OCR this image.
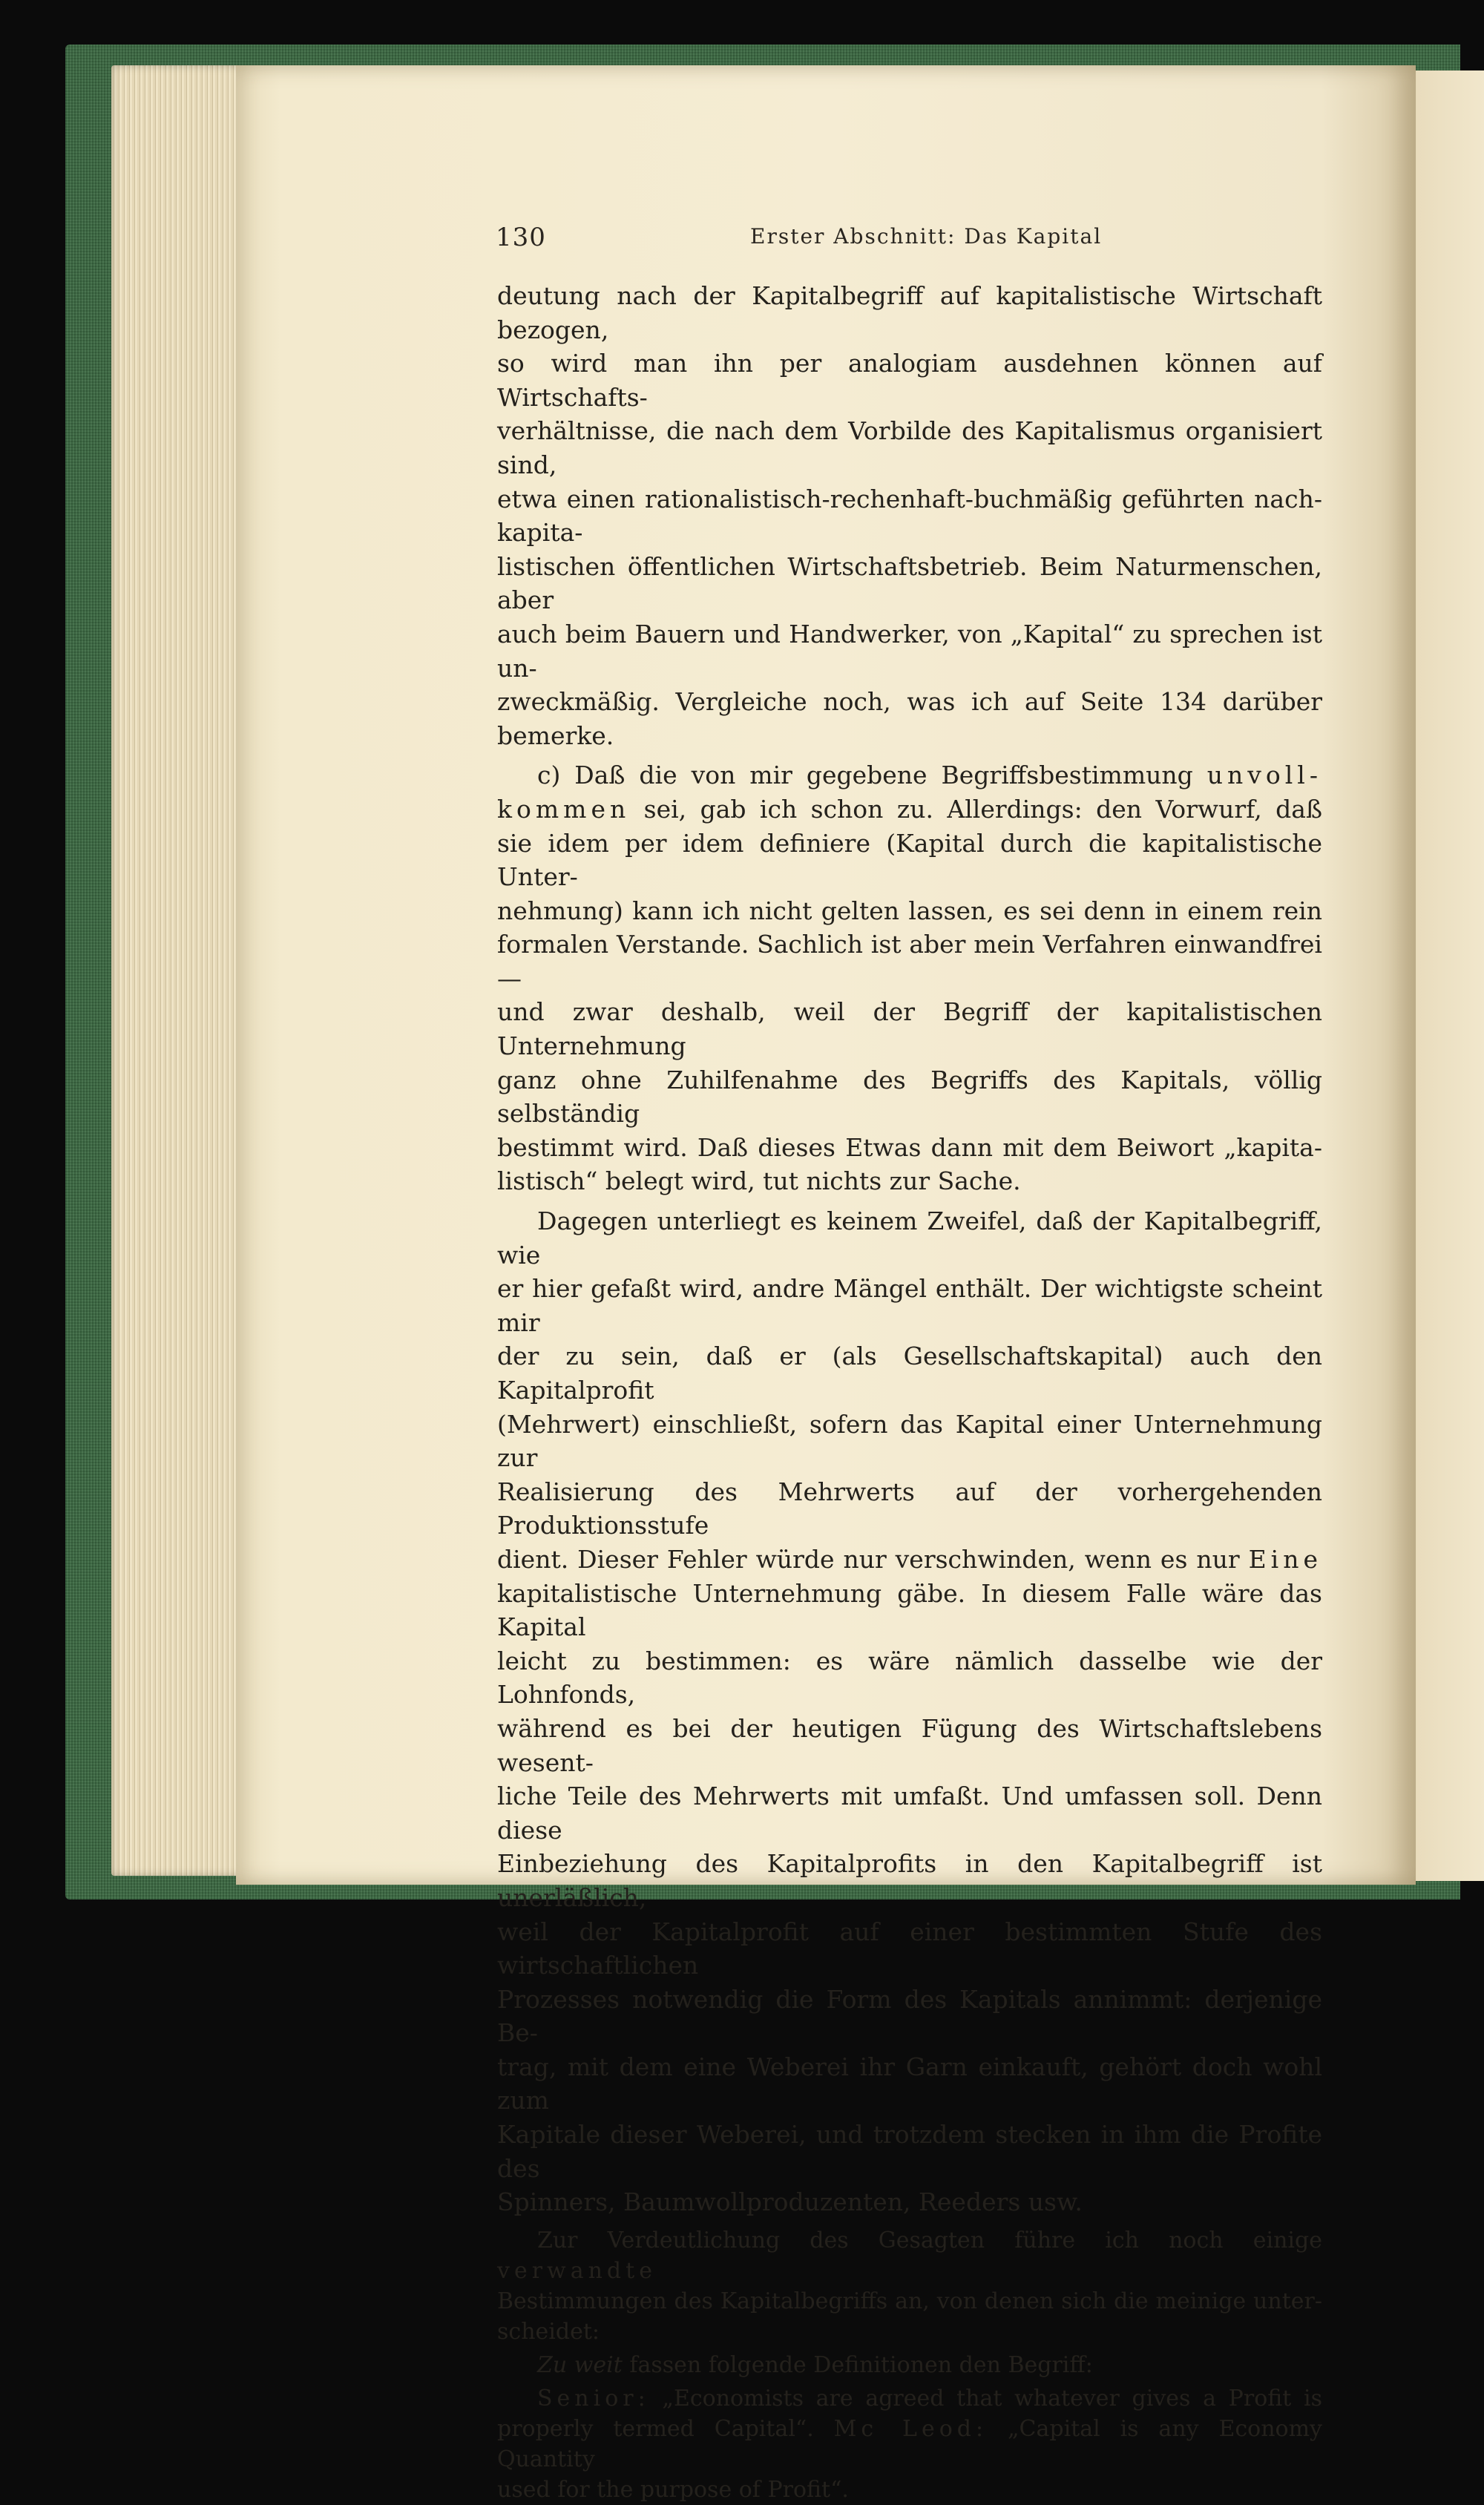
130	Erster Abschnitt: Das Kapital

deutung nach der Kapitalbegriff auf kapitalistische Wirtschaft bezogen,
so wird man ihn per analogiam ausdehnen können auf Wirtschafts-
verhältnisse, die nach dem Vorbilde des Kapitalismus organisiert sind,
etwa einen rationalistisch-rechenhaft-buchmäßig geführten nach-kapita-
listischen öffentlichen Wirtschaftsbetrieb. Beim Naturmenschen, aber
auch beim Bauern und Handwerker, von „Kapital“ zu sprechen ist un-
zweckmäßig. Vergleiche noch, was ich auf Seite 134 darüber bemerke.

c) Daß die von mir gegebene Begriffsbestimmung unvoll-
kommen sei, gab ich schon zu. Allerdings: den Vorwurf, daß
sie idem per idem definiere (Kapital durch die kapitalistische Unter-
nehmung) kann ich nicht gelten lassen, es sei denn in einem rein
formalen Verstande. Sachlich ist aber mein Verfahren einwandfrei —
und zwar deshalb, weil der Begriff der kapitalistischen Unternehmung
ganz ohne Zuhilfenahme des Begriffs des Kapitals, völlig selbständig
bestimmt wird. Daß dieses Etwas dann mit dem Beiwort „kapita-
listisch“ belegt wird, tut nichts zur Sache.

Dagegen unterliegt es keinem Zweifel, daß der Kapitalbegriff, wie
er hier gefaßt wird, andre Mängel enthält. Der wichtigste scheint mir
der zu sein, daß er (als Gesellschaftskapital) auch den Kapitalprofit
(Mehrwert) einschließt, sofern das Kapital einer Unternehmung zur
Realisierung des Mehrwerts auf der vorhergehenden Produktionsstufe
dient. Dieser Fehler würde nur verschwinden, wenn es nur Eine
kapitalistische Unternehmung gäbe. In diesem Falle wäre das Kapital
leicht zu bestimmen: es wäre nämlich dasselbe wie der Lohnfonds,
während es bei der heutigen Fügung des Wirtschaftslebens wesent-
liche Teile des Mehrwerts mit umfaßt. Und umfassen soll. Denn diese
Einbeziehung des Kapitalprofits in den Kapitalbegriff ist unerläßlich,
weil der Kapitalprofit auf einer bestimmten Stufe des wirtschaftlichen
Prozesses notwendig die Form des Kapitals annimmt: derjenige Be-
trag, mit dem eine Weberei ihr Garn einkauft, gehört doch wohl zum
Kapitale dieser Weberei, und trotzdem stecken in ihm die Profite des
Spinners, Baumwollproduzenten, Reeders usw.

Zur Verdeutlichung des Gesagten führe ich noch einige verwandte
Bestimmungen des Kapitalbegriffs an, von denen sich die meinige unter-
scheidet:

Zu weit fassen folgende Definitionen den Begriff:

Senior: „Economists are agreed that whatever gives a Profit is
properly termed Capital“. Mc Leod: „Capital is any Economy Quantity
used for the purpose of Profit“.
